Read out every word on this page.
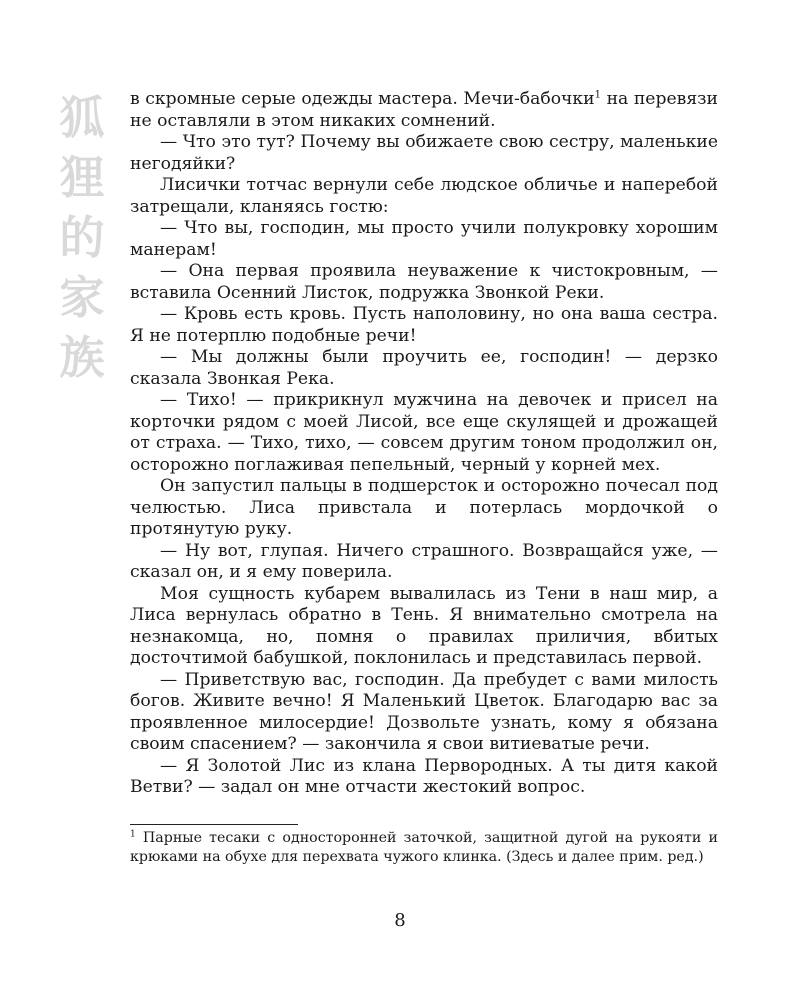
狐
狸
的
家
族

в скромные серые одежды мастера. Мечи-бабочки$^1$ на перевязи не оставляли в этом никаких сомнений.

— Что это тут? Почему вы обижаете свою сестру, маленькие негодяйки?

Лисички тотчас вернули себе людское обличье и наперебой затрещали, кланяясь гостю:

— Что вы, господин, мы просто учили полукровку хорошим манерам!

— Она первая проявила неуважение к чистокровным, — вставила Осенний Листок, подружка Звонкой Реки.

— Кровь есть кровь. Пусть наполовину, но она ваша сестра. Я не потерплю подобные речи!

— Мы должны были проучить ее, господин! — дерзко сказала Звонкая Река.

— Тихо! — прикрикнул мужчина на девочек и присел на корточки рядом с моей Лисой, все еще скулящей и дрожащей от страха. — Тихо, тихо, — совсем другим тоном продолжил он, осторожно поглаживая пепельный, черный у корней мех.

Он запустил пальцы в подшерсток и осторожно почесал под челюстью. Лиса привстала и потерлась мордочкой о протянутую руку.

— Ну вот, глупая. Ничего страшного. Возвращайся уже, — сказал он, и я ему поверила.

Моя сущность кубарем вывалилась из Тени в наш мир, а Лиса вернулась обратно в Тень. Я внимательно смотрела на незнакомца, но, помня о правилах приличия, вбитых досточтимой бабушкой, поклонилась и представилась первой.

— Приветствую вас, господин. Да пребудет с вами милость богов. Живите вечно! Я Маленький Цветок. Благодарю вас за проявленное милосердие! Дозвольте узнать, кому я обязана своим спасением? — закончила я свои витиеватые речи.

— Я Золотой Лис из клана Первородных. А ты дитя какой Ветви? — задал он мне отчасти жестокий вопрос.

$^1$ Парные тесаки с односторонней заточкой, защитной дугой на рукояти и крюками на обухе для перехвата чужого клинка. (Здесь и далее прим. ред.)
8
